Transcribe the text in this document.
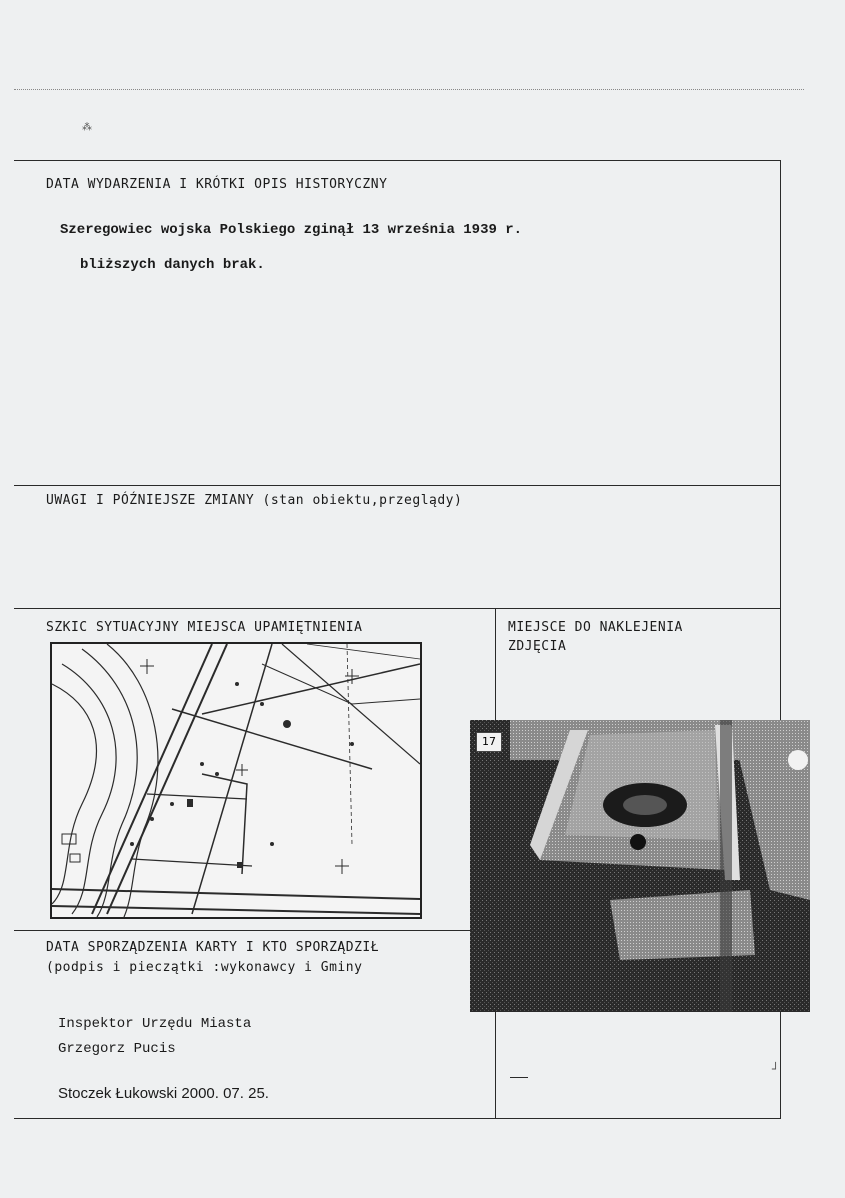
⁂
DATA WYDARZENIA I KRÓTKI OPIS HISTORYCZNY
Szeregowiec wojska Polskiego zginął 13 września 1939 r.
bliższych danych brak.
UWAGI I PÓŹNIEJSZE ZMIANY (stan obiektu,przeglądy)
SZKIC SYTUACYJNY MIEJSCA UPAMIĘTNIENIA	MIEJSCE DO NAKLEJENIA
ZDJĘCIA
17
DATA SPORZĄDZENIA KARTY I KTO SPORZĄDZIŁ
(podpis i pieczątki :wykonawcy i Gminy
Inspektor Urzędu Miasta
Grzegorz Pucis
Stoczek Łukowski 2000. 07. 25.
┘
